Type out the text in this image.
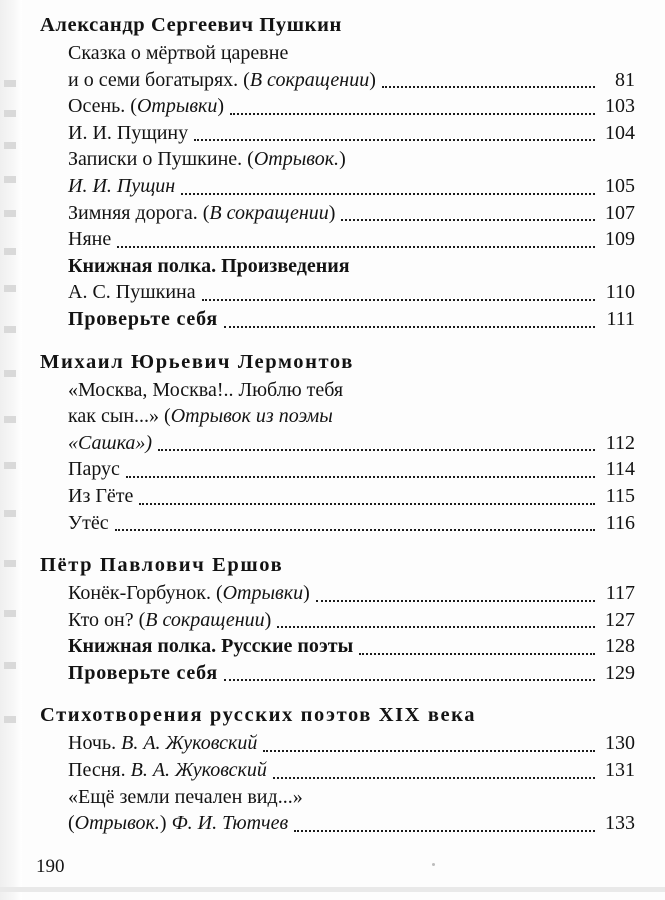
Александр Сергеевич Пушкин
Сказка о мёртвой царевне
и о семи богатырях. (В сокращении)	81
Осень. (Отрывки)	103
И. И. Пущину	104
Записки о Пушкине. (Отрывок.)
И. И. Пущин	105
Зимняя дорога. (В сокращении)	107
Няне	109
Книжная полка. Произведения
А. С. Пушкина	110
Проверьте себя	111
Михаил Юрьевич Лермонтов
«Москва, Москва!.. Люблю тебя
как сын...» (Отрывок из поэмы
«Сашка»)	112
Парус	114
Из Гёте	115
Утёс	116
Пётр Павлович Ершов
Конёк-Горбунок. (Отрывки)	117
Кто он? (В сокращении)	127
Книжная полка. Русские поэты	128
Проверьте себя	129
Стихотворения русских поэтов XIX века
Ночь. В. А. Жуковский	130
Песня. В. А. Жуковский	131
«Ещё земли печален вид...»
(Отрывок.) Ф. И. Тютчев	133
190
